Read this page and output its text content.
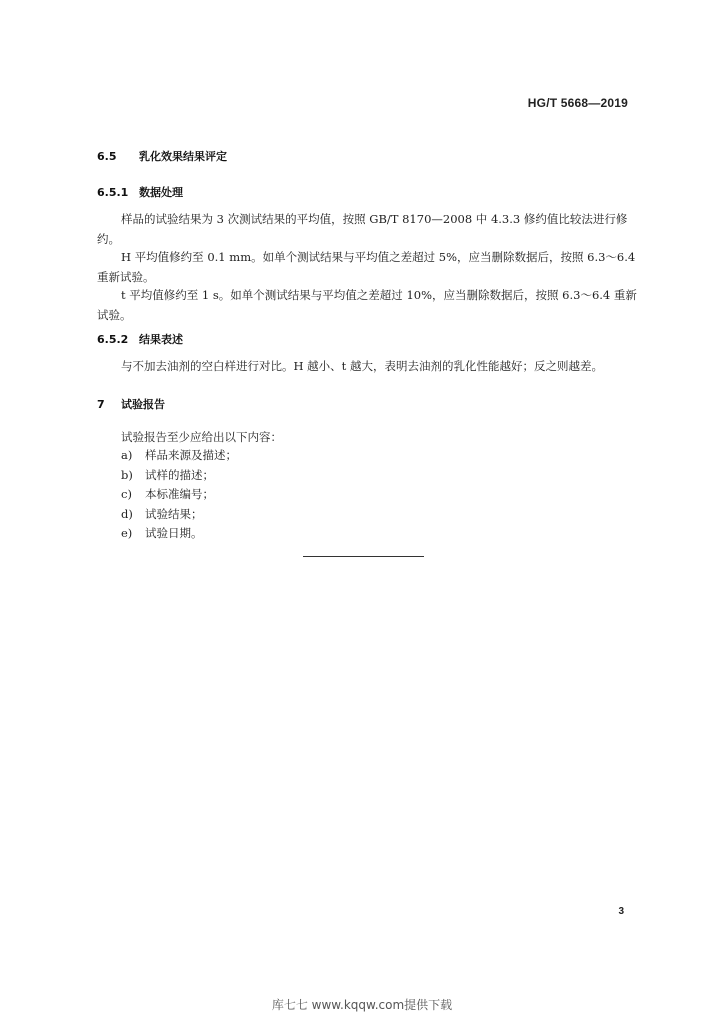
HG/T 5668—2019
6.5 乳化效果结果评定
6.5.1 数据处理

样品的试验结果为 3 次测试结果的平均值，按照 GB/T 8170—2008 中 4.3.3 修约值比较法进行修约。

H 平均值修约至 0.1 mm。如单个测试结果与平均值之差超过 5%，应当删除数据后，按照 6.3～6.4 重新试验。

t 平均值修约至 1 s。如单个测试结果与平均值之差超过 10%，应当删除数据后，按照 6.3～6.4 重新试验。

6.5.2 结果表述

与不加去油剂的空白样进行对比。H 越小、t 越大，表明去油剂的乳化性能越好；反之则越差。

7 试验报告
试验报告至少应给出以下内容：
a) 样品来源及描述；
b) 试样的描述；
c) 本标准编号；
d) 试验结果；
e) 试验日期。
3
库七七 www.kqqw.com提供下载
